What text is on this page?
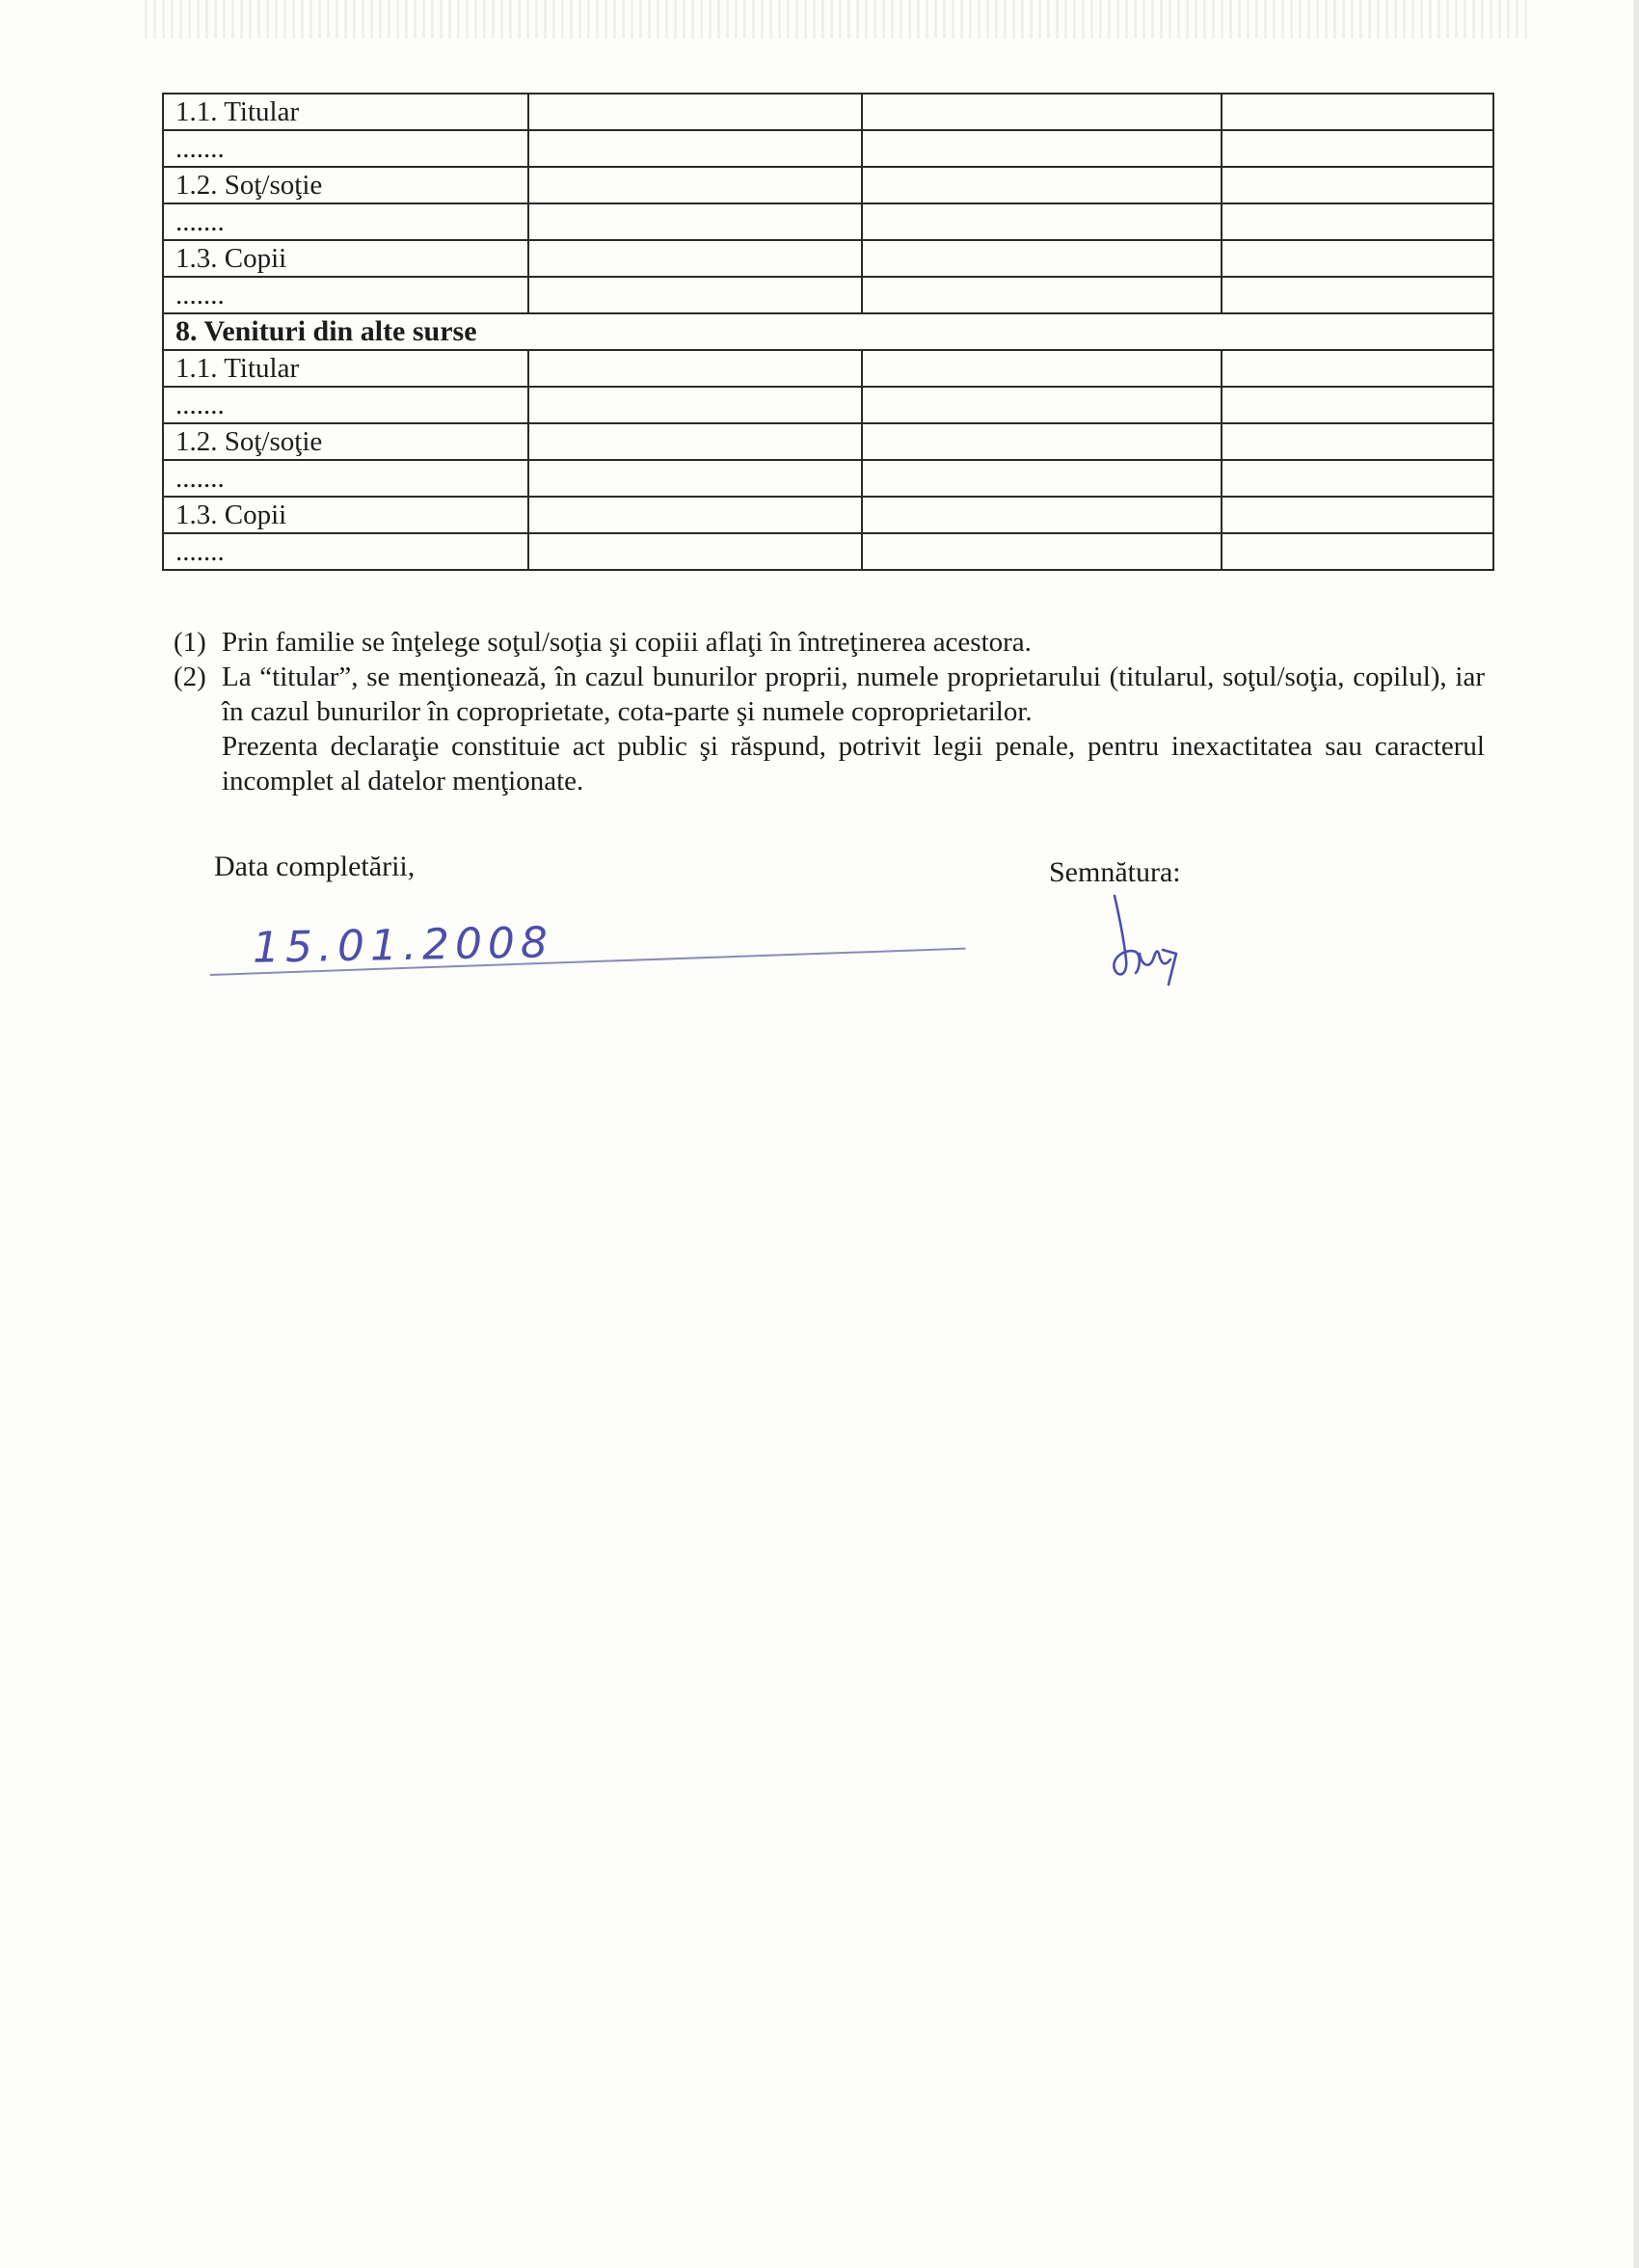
1.1. Titular			
.......			
1.2. Soţ/soţie			
.......			
1.3. Copii			
.......			
8. Venituri din alte surse			
1.1. Titular			
.......			
1.2. Soţ/soţie			
.......			
1.3. Copii			
.......			
(1) Prin familie se înţelege soţul/soţia şi copiii aflaţi în întreţinerea acestora.
(2) La “titular”, se menţionează, în cazul bunurilor proprii, numele proprietarului (titularul, soţul/soţia, copilul), iar în cazul bunurilor în coproprietate, cota-parte şi numele coproprietarilor.
Prezenta declaraţie constituie act public şi răspund, potrivit legii penale, pentru inexactitatea sau caracterul incomplet al datelor menţionate.
Data completării,	Semnătura:
15.01.2008
